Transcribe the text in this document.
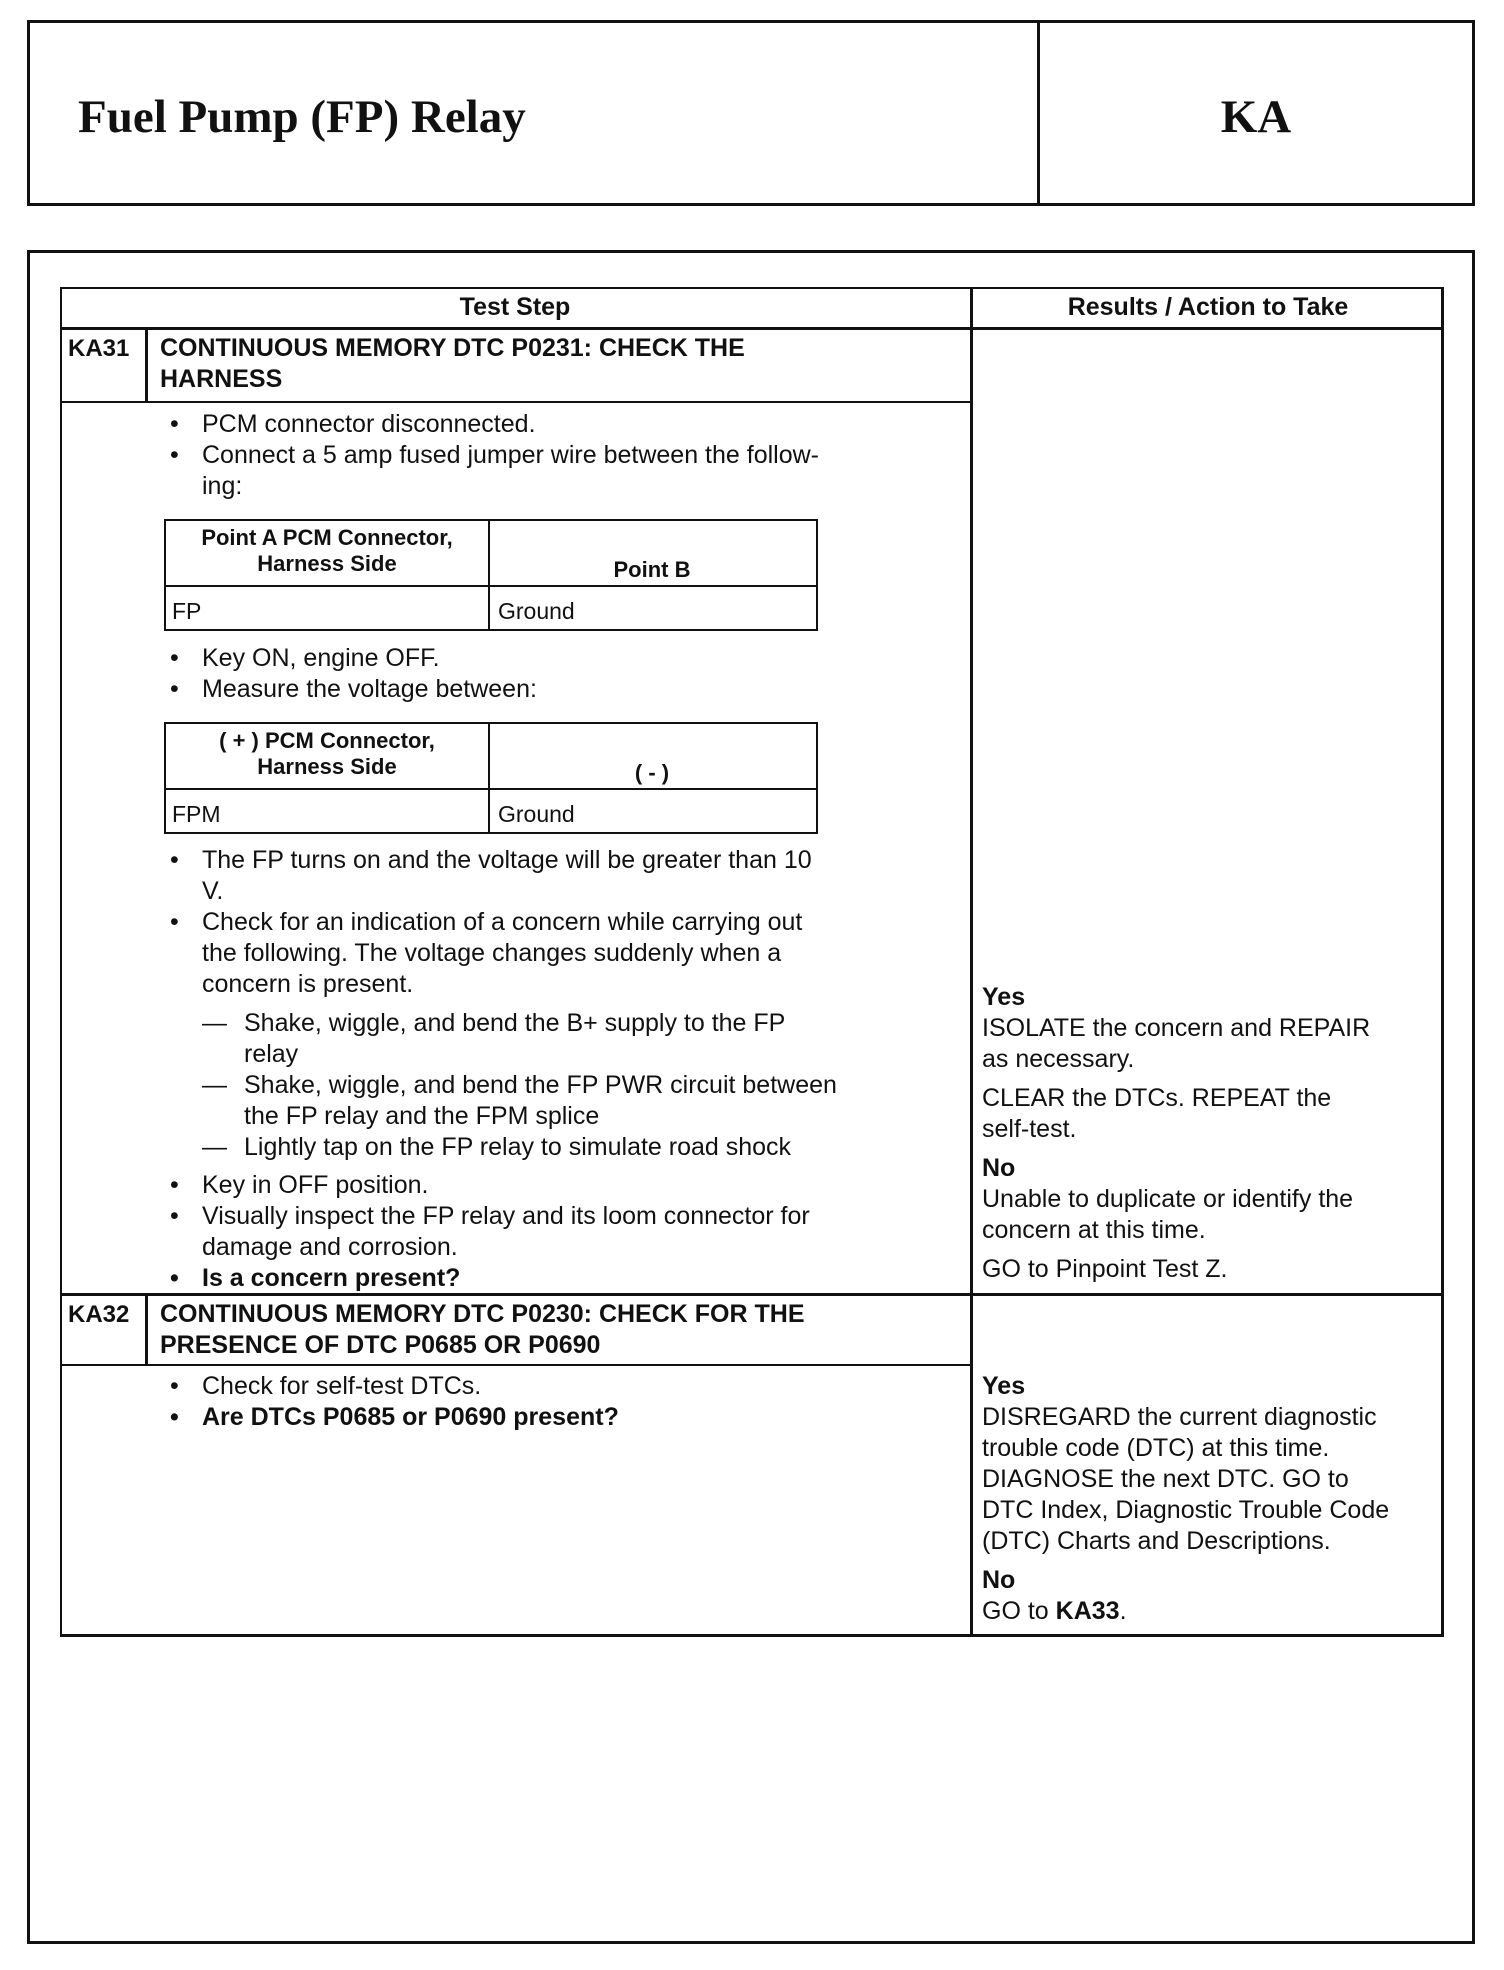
Fuel Pump (FP) Relay	KA
Test Step	Results / Action to Take
KA31 CONTINUOUS MEMORY DTC P0231: CHECK THE
HARNESS
• PCM connector disconnected.
• Connect a 5 amp fused jumper wire between the follow-
ing:
Point A PCM Connector,
Harness Side	Point B
FP	Ground
• Key ON, engine OFF.
• Measure the voltage between:
( + ) PCM Connector,
Harness Side	( - )
FPM	Ground
• The FP turns on and the voltage will be greater than 10
V.
• Check for an indication of a concern while carrying out
the following. The voltage changes suddenly when a
concern is present.
— Shake, wiggle, and bend the B+ supply to the FP
relay
— Shake, wiggle, and bend the FP PWR circuit between
the FP relay and the FPM splice
— Lightly tap on the FP relay to simulate road shock
• Key in OFF position.
• Visually inspect the FP relay and its loom connector for
damage and corrosion.
• Is a concern present?

Yes

ISOLATE the concern and REPAIR

as necessary.

CLEAR the DTCs. REPEAT the

self-test.

No

Unable to duplicate or identify the

concern at this time.

GO to Pinpoint Test Z.

KA32 CONTINUOUS MEMORY DTC P0230: CHECK FOR THE
PRESENCE OF DTC P0685 OR P0690
• Check for self-test DTCs.
• Are DTCs P0685 or P0690 present?

Yes

DISREGARD the current diagnostic

trouble code (DTC) at this time.

DIAGNOSE the next DTC. GO to

DTC Index, Diagnostic Trouble Code

(DTC) Charts and Descriptions.

No

GO to KA33.
